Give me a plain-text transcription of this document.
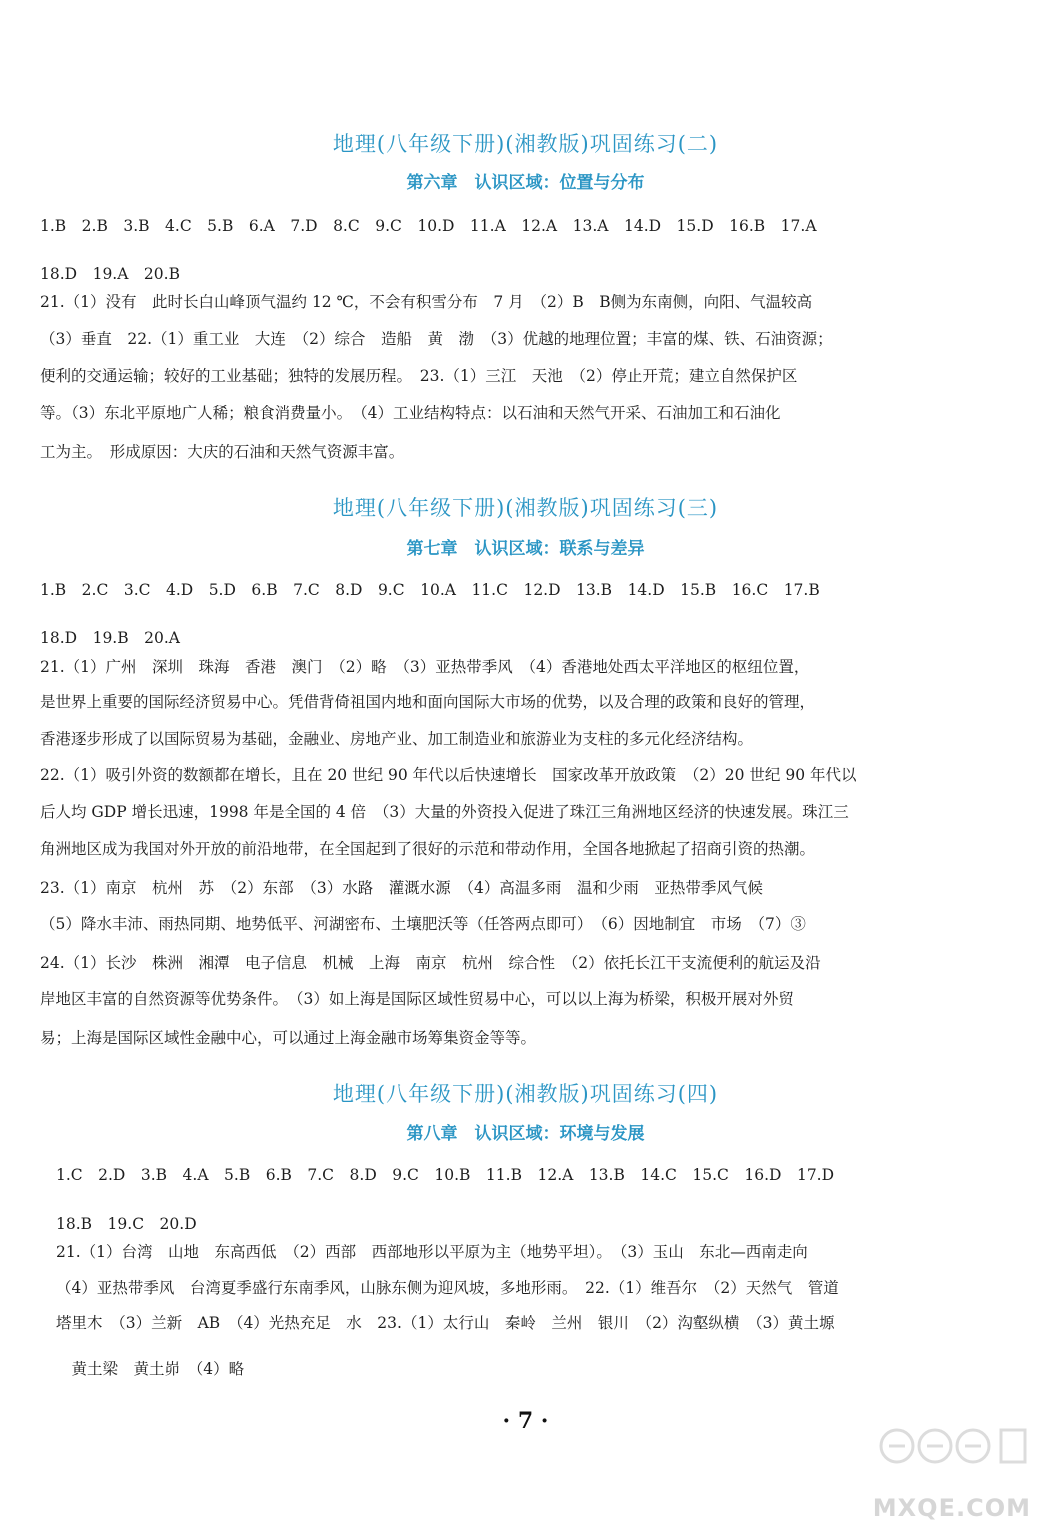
地理(八年级下册)(湘教版)巩固练习(二)
第六章　认识区域：位置与分布
1.B　2.B　3.B　4.C　5.B　6.A　7.D　8.C　9.C　10.D　11.A　12.A　13.A　14.D　15.D　16.B　17.A
18.D　19.A　20.B
21.（1）没有　此时长白山峰顶气温约 12 ℃，不会有积雪分布　7 月　（2）B　B侧为东南侧，向阳、气温较高
（3）垂直　22.（1）重工业　大连　（2）综合　造船　黄　渤　（3）优越的地理位置；丰富的煤、铁、石油资源；
便利的交通运输；较好的工业基础；独特的发展历程。　23.（1）三江　天池　（2）停止开荒；建立自然保护区
等。（3）东北平原地广人稀；粮食消费量小。　（4）工业结构特点：以石油和天然气开采、石油加工和石油化
工为主。　形成原因：大庆的石油和天然气资源丰富。
地理(八年级下册)(湘教版)巩固练习(三)
第七章　认识区域：联系与差异
1.B　2.C　3.C　4.D　5.D　6.B　7.C　8.D　9.C　10.A　11.C　12.D　13.B　14.D　15.B　16.C　17.B
18.D　19.B　20.A
21.（1）广州　深圳　珠海　香港　澳门　（2）略　（3）亚热带季风　（4）香港地处西太平洋地区的枢纽位置，
是世界上重要的国际经济贸易中心。凭借背倚祖国内地和面向国际大市场的优势，以及合理的政策和良好的管理，
香港逐步形成了以国际贸易为基础，金融业、房地产业、加工制造业和旅游业为支柱的多元化经济结构。
22.（1）吸引外资的数额都在增长，且在 20 世纪 90 年代以后快速增长　国家改革开放政策　（2）20 世纪 90 年代以
后人均 GDP 增长迅速，1998 年是全国的 4 倍　（3）大量的外资投入促进了珠江三角洲地区经济的快速发展。珠江三
角洲地区成为我国对外开放的前沿地带，在全国起到了很好的示范和带动作用，全国各地掀起了招商引资的热潮。
23.（1）南京　杭州　苏　（2）东部　（3）水路　灌溉水源　（4）高温多雨　温和少雨　亚热带季风气候
（5）降水丰沛、雨热同期、地势低平、河湖密布、土壤肥沃等（任答两点即可）　（6）因地制宜　市场　（7）③
24.（1）长沙　株洲　湘潭　电子信息　机械　上海　南京　杭州　综合性　（2）依托长江干支流便利的航运及沿
岸地区丰富的自然资源等优势条件。　（3）如上海是国际区域性贸易中心，可以以上海为桥梁，积极开展对外贸
易；上海是国际区域性金融中心，可以通过上海金融市场筹集资金等等。
地理(八年级下册)(湘教版)巩固练习(四)
第八章　认识区域：环境与发展
1.C　2.D　3.B　4.A　5.B　6.B　7.C　8.D　9.C　10.B　11.B　12.A　13.B　14.C　15.C　16.D　17.D
18.B　19.C　20.D
21.（1）台湾　山地　东高西低　（2）西部　西部地形以平原为主（地势平坦）。　（3）玉山　东北—西南走向
（4）亚热带季风　台湾夏季盛行东南季风，山脉东侧为迎风坡，多地形雨。　22.（1）维吾尔　（2）天然气　管道
塔里木　（3）兰新　AB　（4）光热充足　水　23.（1）太行山　秦岭　兰州　银川　（2）沟壑纵横　（3）黄土塬
　黄土梁　黄土峁　（4）略
· 7 ·
MXQE.COM
